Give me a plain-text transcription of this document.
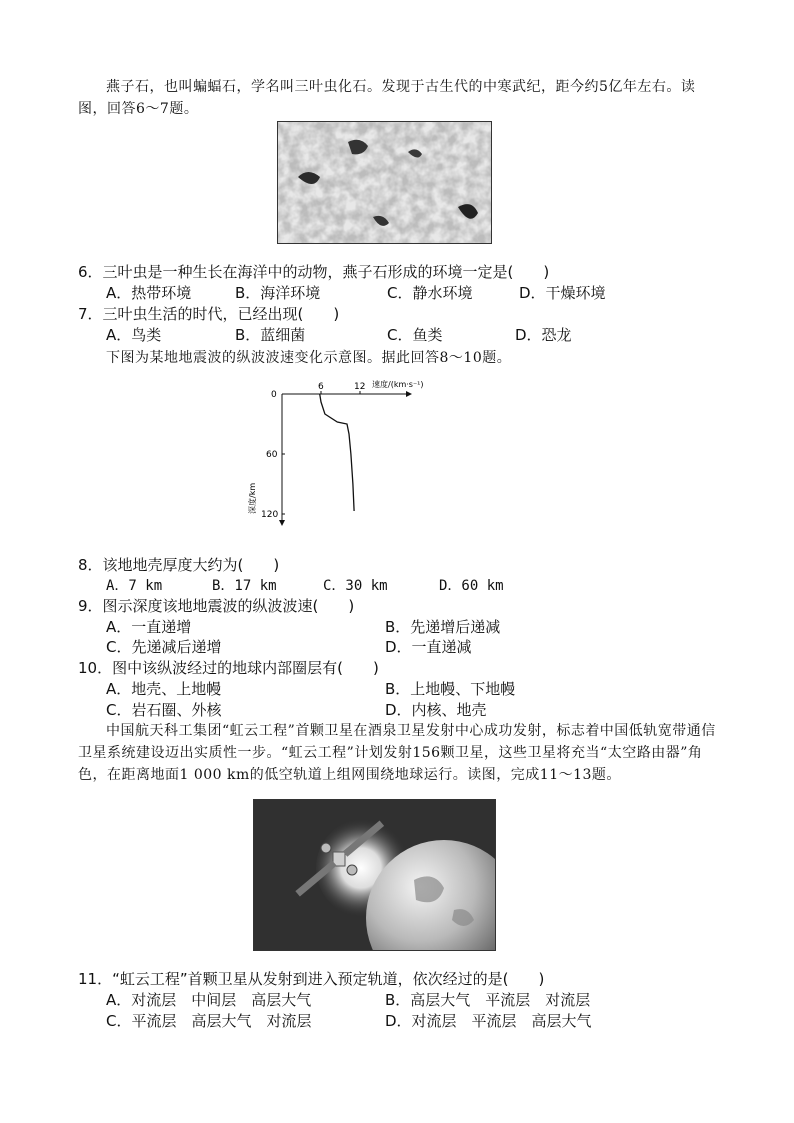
燕子石，也叫蝙蝠石，学名叫三叶虫化石。发现于古生代的中寒武纪，距今约5亿年左右。读图，回答6～7题。
6．三叶虫是一种生长在海洋中的动物，燕子石形成的环境一定是(　　)
A．热带环境	B．海洋环境	C．静水环境	D．干燥环境
7．三叶虫生活的时代，已经出现(　　)
A．鸟类	B．蓝细菌	C．鱼类	D．恐龙
下图为某地地震波的纵波波速变化示意图。据此回答8～10题。
速度/(km·s⁻¹)
深度/km
6	12
0
60
120
8．该地地壳厚度大约为(　　)
A．7 km	B．17 km	C．30 km	D．60 km
9．图示深度该地地震波的纵波波速(　　)
A．一直递增	B．先递增后递减
C．先递减后递增	D．一直递减
10．图中该纵波经过的地球内部圈层有(　　)
A．地壳、上地幔	B．上地幔、下地幔
C．岩石圈、外核	D．内核、地壳
中国航天科工集团“虹云工程”首颗卫星在酒泉卫星发射中心成功发射，标志着中国低轨宽带通信卫星系统建设迈出实质性一步。“虹云工程”计划发射156颗卫星，这些卫星将充当“太空路由器”角色，在距离地面1 000 km的低空轨道上组网围绕地球运行。读图，完成11～13题。
11．“虹云工程”首颗卫星从发射到进入预定轨道，依次经过的是(　　)
A．对流层　中间层　高层大气	B．高层大气　平流层　对流层
C．平流层　高层大气　对流层	D．对流层　平流层　高层大气
